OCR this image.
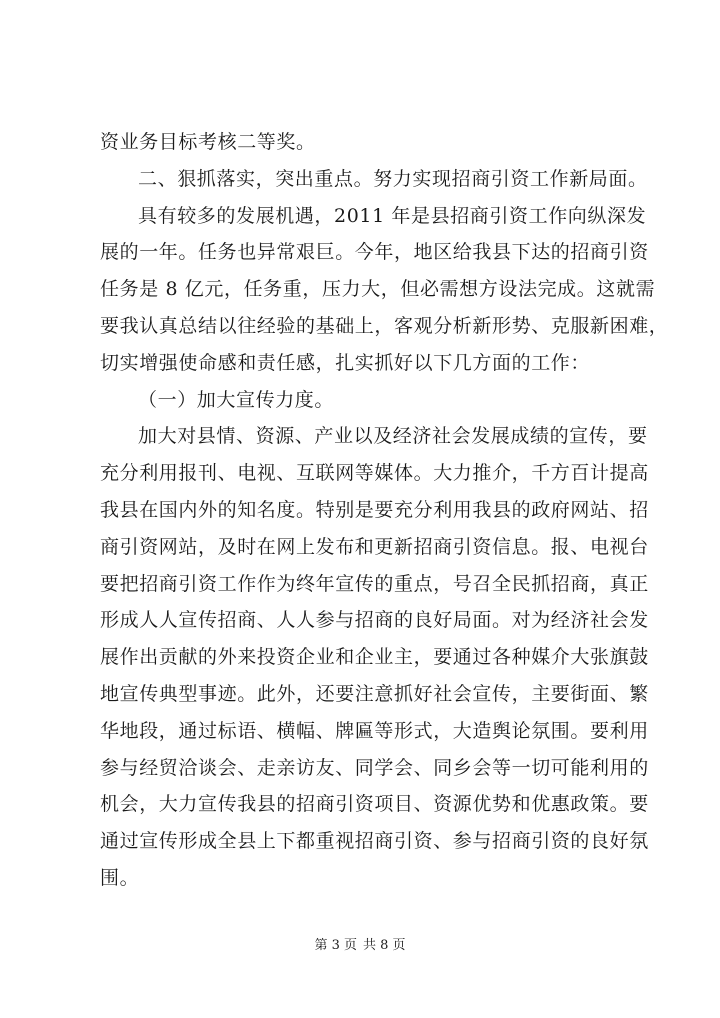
资业务目标考核二等奖。
二、狠抓落实，突出重点。努力实现招商引资工作新局面。
具有较多的发展机遇，2011 年是县招商引资工作向纵深发
展的一年。任务也异常艰巨。今年，地区给我县下达的招商引资
任务是 8 亿元，任务重，压力大，但必需想方设法完成。这就需
要我认真总结以往经验的基础上，客观分析新形势、克服新困难，
切实增强使命感和责任感，扎实抓好以下几方面的工作：
（一）加大宣传力度。
加大对县情、资源、产业以及经济社会发展成绩的宣传，要
充分利用报刊、电视、互联网等媒体。大力推介，千方百计提高
我县在国内外的知名度。特别是要充分利用我县的政府网站、招
商引资网站，及时在网上发布和更新招商引资信息。报、电视台
要把招商引资工作作为终年宣传的重点，号召全民抓招商，真正
形成人人宣传招商、人人参与招商的良好局面。对为经济社会发
展作出贡献的外来投资企业和企业主，要通过各种媒介大张旗鼓
地宣传典型事迹。此外，还要注意抓好社会宣传，主要街面、繁
华地段，通过标语、横幅、牌匾等形式，大造舆论氛围。要利用
参与经贸洽谈会、走亲访友、同学会、同乡会等一切可能利用的
机会，大力宣传我县的招商引资项目、资源优势和优惠政策。要
通过宣传形成全县上下都重视招商引资、参与招商引资的良好氛
围。
第 3 页 共 8 页
